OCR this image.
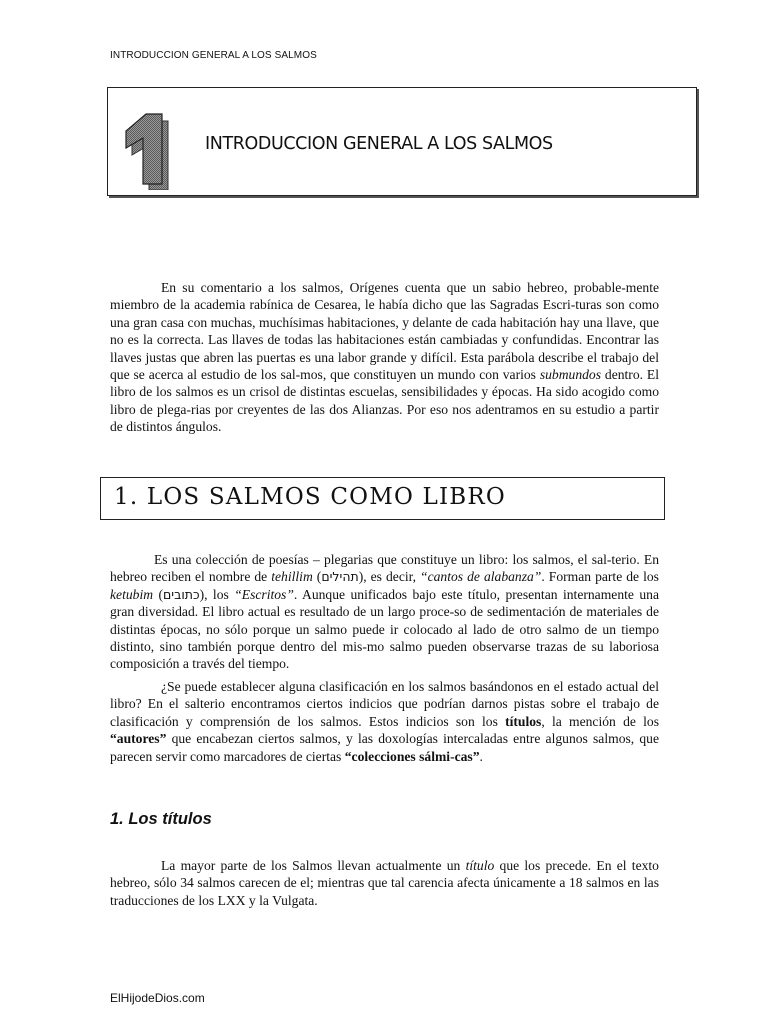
INTRODUCCION GENERAL A LOS SALMOS
INTRODUCCION GENERAL A LOS SALMOS

En su comentario a los salmos, Orígenes cuenta que un sabio hebreo, probable-mente miembro de la academia rabínica de Cesarea, le había dicho que las Sagradas Escri-turas son como una gran casa con muchas, muchísimas habitaciones, y delante de cada habitación hay una llave, que no es la correcta. Las llaves de todas las habitaciones están cambiadas y confundidas. Encontrar las llaves justas que abren las puertas es una labor grande y difícil. Esta parábola describe el trabajo del que se acerca al estudio de los sal-mos, que constituyen un mundo con varios submundos dentro. El libro de los salmos es un crisol de distintas escuelas, sensibilidades y épocas. Ha sido acogido como libro de plega-rias por creyentes de las dos Alianzas. Por eso nos adentramos en su estudio a partir de distintos ángulos.

1. LOS SALMOS COMO LIBRO

Es una colección de poesías – plegarias que constituye un libro: los salmos, el sal-terio. En hebreo reciben el nombre de tehillim (תהילים), es decir, “cantos de alabanza”. Forman parte de los ketubim (כתובים), los “Escritos”. Aunque unificados bajo este título, presentan internamente una gran diversidad. El libro actual es resultado de un largo proce-so de sedimentación de materiales de distintas épocas, no sólo porque un salmo puede ir colocado al lado de otro salmo de un tiempo distinto, sino también porque dentro del mis-mo salmo pueden observarse trazas de su laboriosa composición a través del tiempo.

¿Se puede establecer alguna clasificación en los salmos basándonos en el estado actual del libro? En el salterio encontramos ciertos indicios que podrían darnos pistas sobre el trabajo de clasificación y comprensión de los salmos. Estos indicios son los títulos, la mención de los “autores” que encabezan ciertos salmos, y las doxologías intercaladas entre algunos salmos, que parecen servir como marcadores de ciertas “colecciones sálmi-cas”.

1. Los títulos

La mayor parte de los Salmos llevan actualmente un título que los precede. En el texto hebreo, sólo 34 salmos carecen de el; mientras que tal carencia afecta únicamente a 18 salmos en las traducciones de los LXX y la Vulgata.

ElHijodeDios.com
